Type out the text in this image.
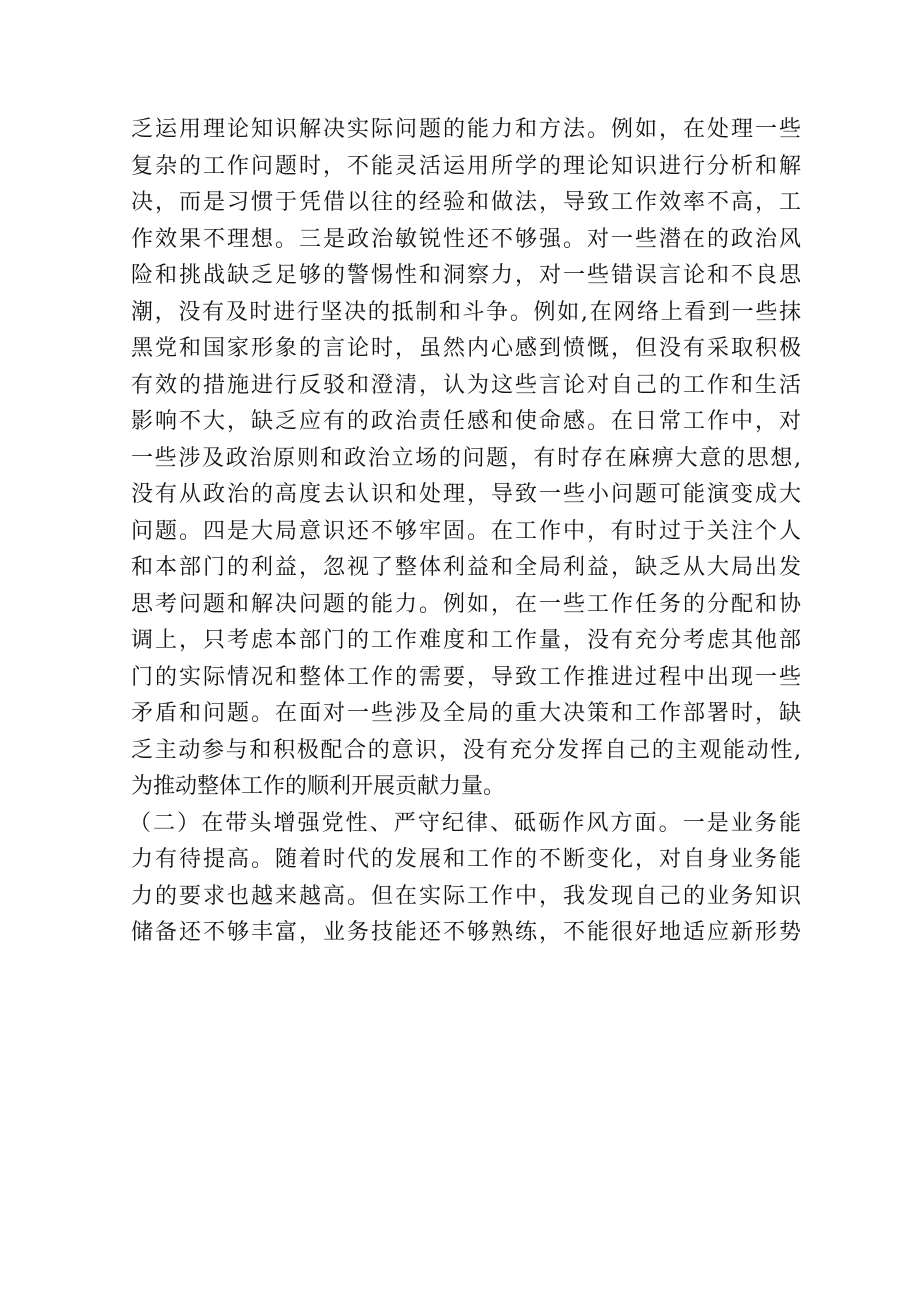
乏运用理论知识解决实际问题的能力和方法。例如，在处理一些
复杂的工作问题时，不能灵活运用所学的理论知识进行分析和解
决，而是习惯于凭借以往的经验和做法，导致工作效率不高，工
作效果不理想。三是政治敏锐性还不够强。对一些潜在的政治风
险和挑战缺乏足够的警惕性和洞察力，对一些错误言论和不良思
潮，没有及时进行坚决的抵制和斗争。例如,在网络上看到一些抹
黑党和国家形象的言论时，虽然内心感到愤慨，但没有采取积极
有效的措施进行反驳和澄清，认为这些言论对自己的工作和生活
影响不大，缺乏应有的政治责任感和使命感。在日常工作中，对
一些涉及政治原则和政治立场的问题，有时存在麻痹大意的思想,
没有从政治的高度去认识和处理，导致一些小问题可能演变成大
问题。四是大局意识还不够牢固。在工作中，有时过于关注个人
和本部门的利益，忽视了整体利益和全局利益，缺乏从大局出发
思考问题和解决问题的能力。例如，在一些工作任务的分配和协
调上，只考虑本部门的工作难度和工作量，没有充分考虑其他部
门的实际情况和整体工作的需要，导致工作推进过程中出现一些
矛盾和问题。在面对一些涉及全局的重大决策和工作部署时，缺
乏主动参与和积极配合的意识，没有充分发挥自己的主观能动性,
为推动整体工作的顺利开展贡献力量。
（二）在带头增强党性、严守纪律、砥砺作风方面。一是业务能
力有待提高。随着时代的发展和工作的不断变化，对自身业务能
力的要求也越来越高。但在实际工作中，我发现自己的业务知识
储备还不够丰富，业务技能还不够熟练，不能很好地适应新形势
